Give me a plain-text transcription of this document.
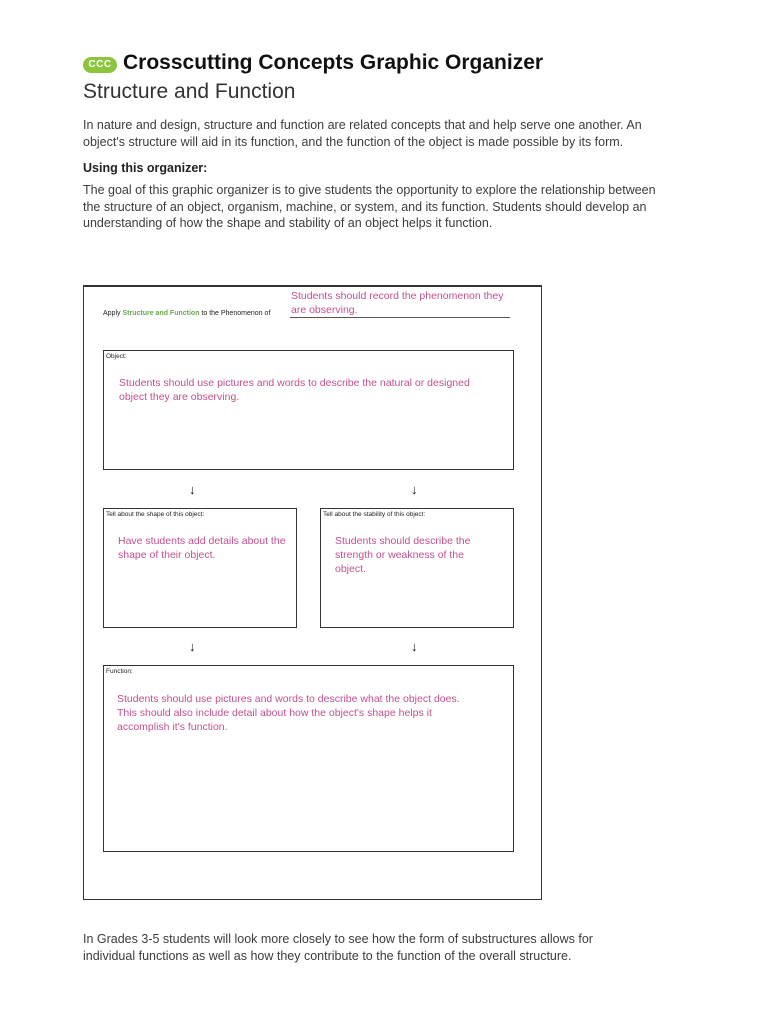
CCC Crosscutting Concepts Graphic Organizer
Structure and Function
In nature and design, structure and function are related concepts that and help serve one another. An object's structure will aid in its function, and the function of the object is made possible by its form.
Using this organizer:
The goal of this graphic organizer is to give students the opportunity to explore the relationship between the structure of an object, organism, machine, or system, and its function. Students should develop an understanding of how the shape and stability of an object helps it function.
Apply Structure and Function to the Phenomenon of
Students should record the phenomenon they are observing.
Object:
Students should use pictures and words to describe the natural or designed object they are observing.
↓	↓
Tell about the shape of this object:
Have students add details about the shape of their object.
Tell about the stability of this object:
Students should describe the strength or weakness of the object.
↓	↓
Function:
Students should use pictures and words to describe what the object does. This should also include detail about how the object's shape helps it accomplish it's function.
In Grades 3-5 students will look more closely to see how the form of substructures allows for individual functions as well as how they contribute to the function of the overall structure.
